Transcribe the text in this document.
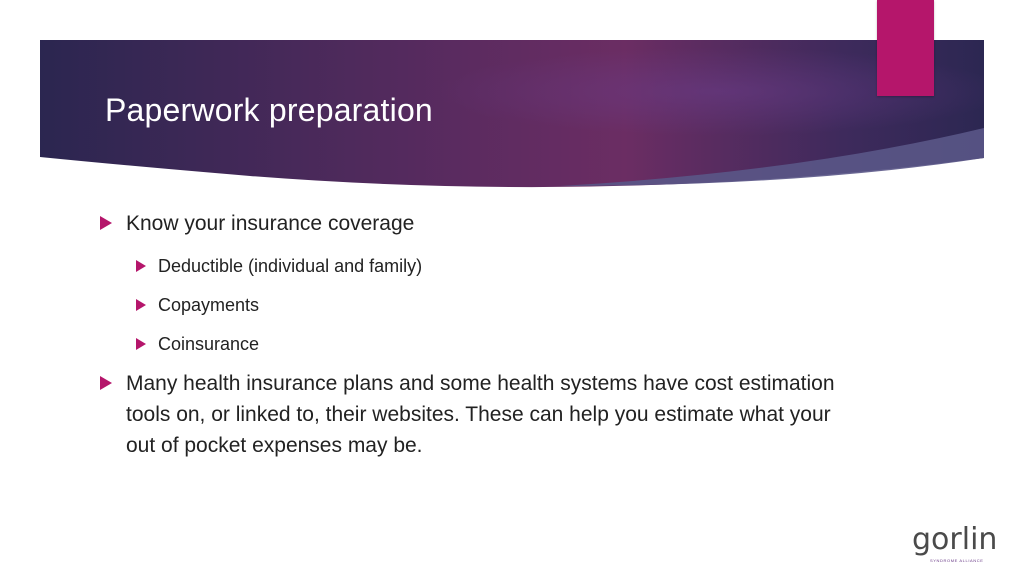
Paperwork preparation
Know your insurance coverage
Deductible (individual and family)
Copayments
Coinsurance
Many health insurance plans and some health systems have cost estimation tools on, or linked to, their websites. These can help you estimate what your out of pocket expenses may be.
gorlin
SYNDROME ALLIANCE
